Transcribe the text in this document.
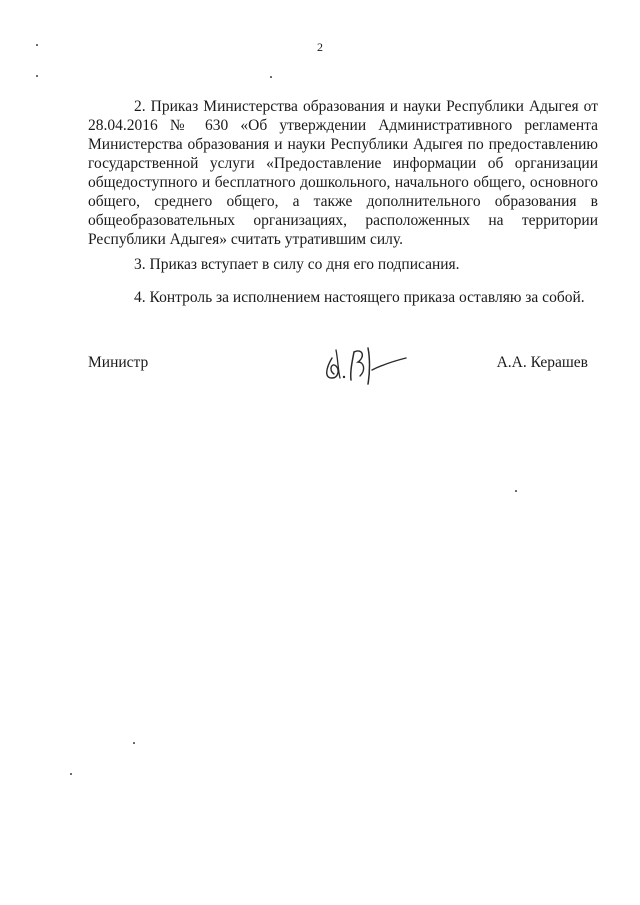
2
2. Приказ Министерства образования и науки Республики Адыгея от
28.04.2016 № 630 «Об утверждении Административного регламента
Министерства образования и науки Республики Адыгея по предоставлению
государственной услуги «Предоставление информации об организации
общедоступного и бесплатного дошкольного, начального общего, основного
общего, среднего общего, а также дополнительного образования в
общеобразовательных организациях, расположенных на территории
Республики Адыгея» считать утратившим силу.

3. Приказ вступает в силу со дня его подписания.

4. Контроль за исполнением настоящего приказа оставляю за собой.

Министр	А.А. Керашев
